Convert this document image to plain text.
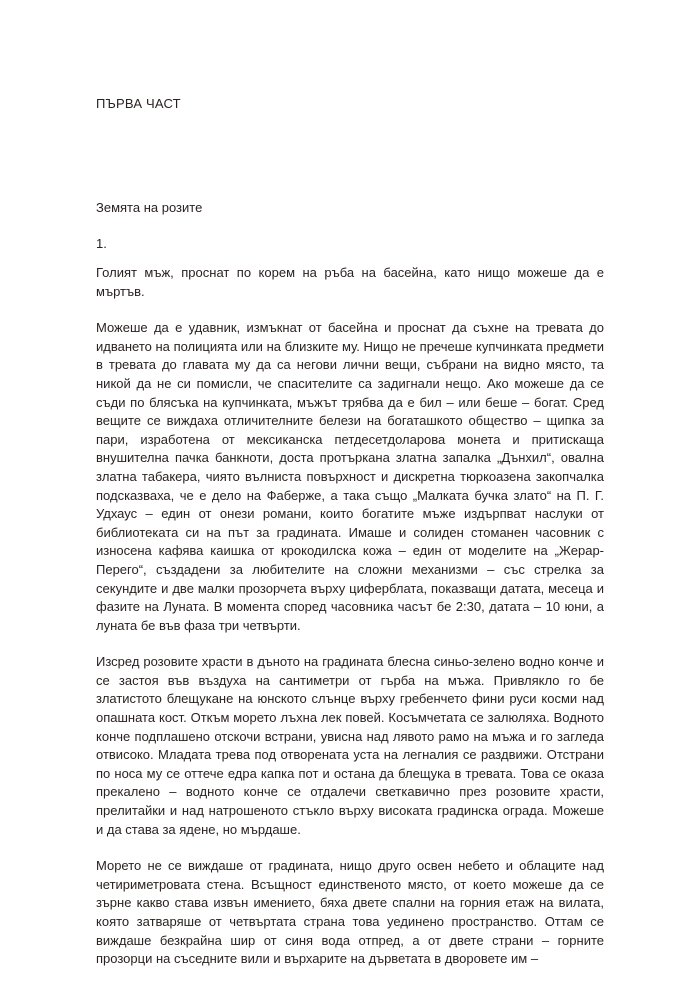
ПЪРВА ЧАСТ
Земята на розите
1.

Голият мъж, проснат по корем на ръба на басейна, като нищо можеше да е мъртъв.

Можеше да е удавник, измъкнат от басейна и проснат да съхне на тревата до идването на полицията или на близките му. Нищо не пречеше купчинката предмети в тревата до главата му да са негови лични вещи, събрани на видно място, та никой да не си помисли, че спасителите са задигнали нещо. Ако можеше да се съди по блясъка на купчинката, мъжът трябва да е бил – или беше – богат. Сред вещите се виждаха отличителните белези на богаташкото общество – щипка за пари, изработена от мексиканска петдесетдоларова монета и притискаща внушителна пачка банкноти, доста протъркана златна запалка „Дънхил“, овална златна табакера, чиято вълниста повърхност и дискретна тюркоазена закопчалка подсказваха, че е дело на Фаберже, а така също „Малката бучка злато“ на П. Г. Удхаус – един от онези романи, които богатите мъже издърпват наслуки от библиотеката си на път за градината. Имаше и солиден стоманен часовник с износена кафява каишка от крокодилска кожа – един от моделите на „Жерар-Перего“, създадени за любителите на сложни механизми – със стрелка за секундите и две малки прозорчета върху циферблата, показващи датата, месеца и фазите на Луната. В момента според часовника часът бе 2:30, датата – 10 юни, а луната бе във фаза три четвърти.

Изсред розовите храсти в дъното на градината блесна синьо-зелено водно конче и се застоя във въздуха на сантиметри от гърба на мъжа. Привлякло го бе златистото блещукане на юнското слънце върху гребенчето фини руси косми над опашната кост. Откъм морето лъхна лек повей. Косъмчетата се залюляха. Водното конче подплашено отскочи встрани, увисна над лявото рамо на мъжа и го загледа отвисоко. Младата трева под отворената уста на легналия се раздвижи. Отстрани по носа му се оттече едра капка пот и остана да блещука в тревата. Това се оказа прекалено – водното конче се отдалечи светкавично през розовите храсти, прелитайки и над натрошеното стъкло върху високата градинска ограда. Можеше и да става за ядене, но мърдаше.

Морето не се виждаше от градината, нищо друго освен небето и облаците над четириметровата стена. Всъщност единственото място, от което можеше да се зърне какво става извън имението, бяха двете спални на горния етаж на вилата, която затваряше от четвъртата страна това уединено пространство. Оттам се виждаше безкрайна шир от синя вода отпред, а от двете страни – горните прозорци на съседните вили и върхарите на дърветата в дворовете им –
